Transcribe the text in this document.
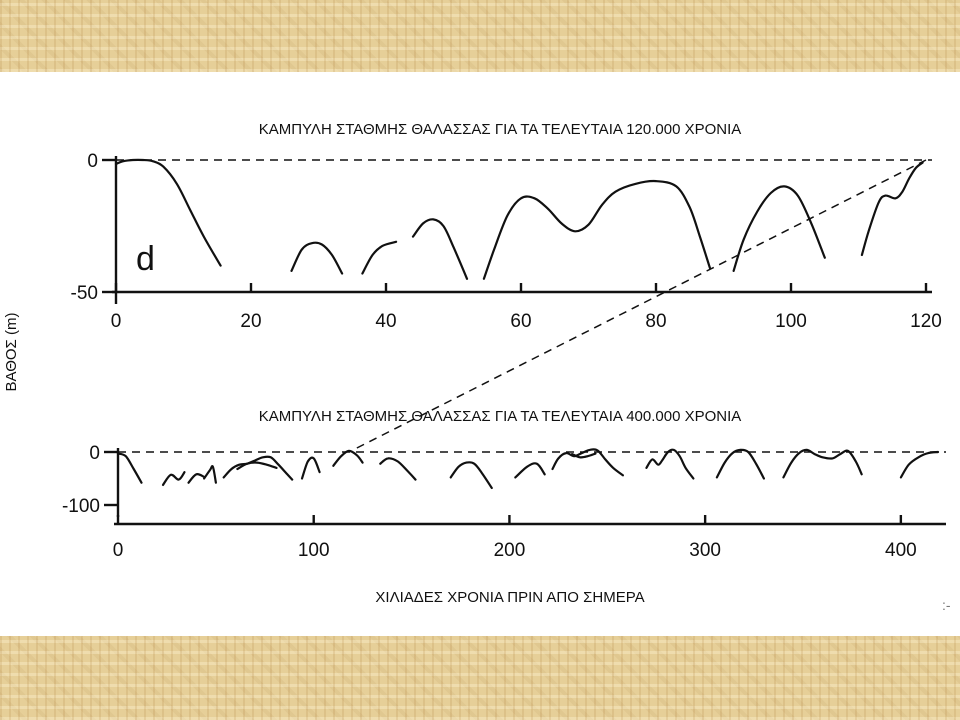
ΚΑΜΠΥΛΗ ΣΤΑΘΜΗΣ ΘΑΛΑΣΣΑΣ ΓΙΑ ΤΑ ΤΕΛΕΥΤΑΙΑ 120.000 ΧΡΟΝΙΑ
ΚΑΜΠΥΛΗ ΣΤΑΘΜΗΣ ΘΑΛΑΣΣΑΣ ΓΙΑ ΤΑ ΤΕΛΕΥΤΑΙΑ 400.000 ΧΡΟΝΙΑ
ΧΙΛΙΑΔΕΣ ΧΡΟΝΙΑ ΠΡΙΝ ΑΠΟ ΣΗΜΕΡΑ
ΒΑΘΟΣ (m)
d
:-
0	20	40	60	80	100	120
0
-50
0	100	200	300	400
0
-100
